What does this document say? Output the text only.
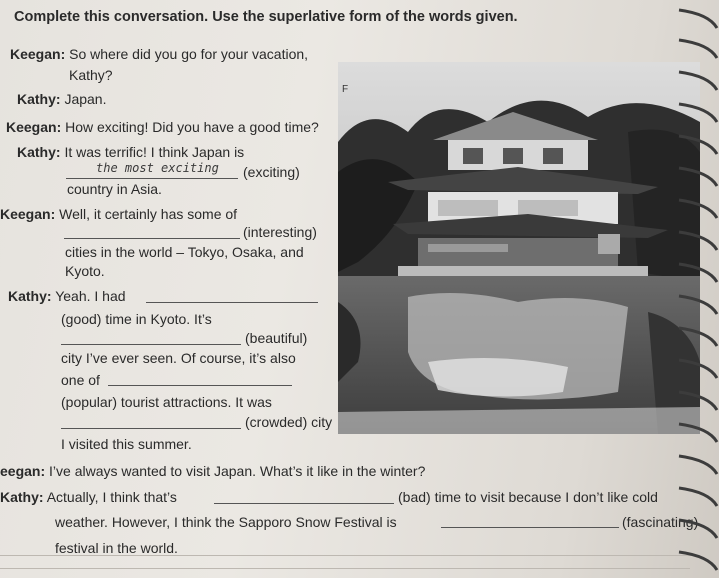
Complete this conversation. Use the superlative form of the words given.
Keegan: So where did you go for your vacation,
Kathy?
Kathy: Japan.
Keegan: How exciting! Did you have a good time?
Kathy: It was terrific! I think Japan is
the most exciting (exciting)
country in Asia.
Keegan: Well, it certainly has some of
(interesting)
cities in the world – Tokyo, Osaka, and
Kyoto.
Kathy: Yeah. I had
(good) time in Kyoto. It’s
(beautiful)
city I’ve ever seen. Of course, it’s also
one of
(popular) tourist attractions. It was
(crowded) city
I visited this summer.
F
eegan: I’ve always wanted to visit Japan. What’s it like in the winter?
Kathy: Actually, I think that’s	(bad) time to visit because I don’t like cold
weather. However, I think the Sapporo Snow Festival is	(fascinating)
festival in the world.
